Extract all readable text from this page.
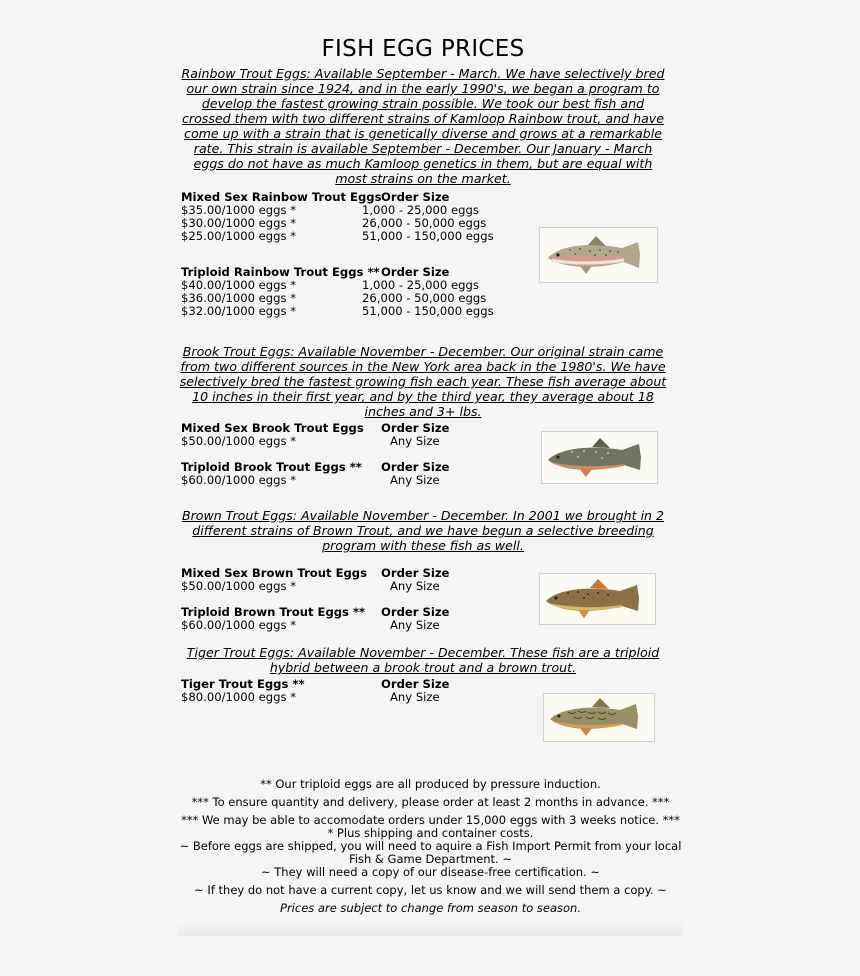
FISH EGG PRICES
Rainbow Trout Eggs: Available September - March. We have selectively bred our own strain since 1924, and in the early 1990's, we began a program to develop the fastest growing strain possible. We took our best fish and crossed them with two different strains of Kamloop Rainbow trout, and have come up with a strain that is genetically diverse and grows at a remarkable rate. This strain is available September - December. Our January - March eggs do not have as much Kamloop genetics in them, but are equal with most strains on the market.
Mixed Sex Rainbow Trout Eggs Order Size
$35.00/1000 eggs *	1,000 - 25,000 eggs
$30.00/1000 eggs *	26,000 - 50,000 eggs
$25.00/1000 eggs *	51,000 - 150,000 eggs
Triploid Rainbow Trout Eggs ** Order Size
$40.00/1000 eggs *	1,000 - 25,000 eggs
$36.00/1000 eggs *	26,000 - 50,000 eggs
$32.00/1000 eggs *	51,000 - 150,000 eggs
Brook Trout Eggs: Available November - December. Our original strain came from two different sources in the New York area back in the 1980's. We have selectively bred the fastest growing fish each year. These fish average about 10 inches in their first year, and by the third year, they average about 18 inches and 3+ lbs.
Mixed Sex Brook Trout Eggs Order Size
$50.00/1000 eggs *	Any Size
Triploid Brook Trout Eggs ** Order Size
$60.00/1000 eggs *	Any Size
Brown Trout Eggs: Available November - December. In 2001 we brought in 2 different strains of Brown Trout, and we have begun a selective breeding program with these fish as well.
Mixed Sex Brown Trout Eggs Order Size
$50.00/1000 eggs *	Any Size
Triploid Brown Trout Eggs ** Order Size
$60.00/1000 eggs *	Any Size
Tiger Trout Eggs: Available November - December. These fish are a triploid hybrid between a brook trout and a brown trout.
Tiger Trout Eggs **	Order Size
$80.00/1000 eggs *	Any Size

** Our triploid eggs are all produced by pressure induction.

*** To ensure quantity and delivery, please order at least 2 months in advance. ***

*** We may be able to accomodate orders under 15,000 eggs with 3 weeks notice. ***

* Plus shipping and container costs.

~ Before eggs are shipped, you will need to aquire a Fish Import Permit from your local Fish & Game Department. ~

~ They will need a copy of our disease-free certification. ~

~ If they do not have a current copy, let us know and we will send them a copy. ~

Prices are subject to change from season to season.
